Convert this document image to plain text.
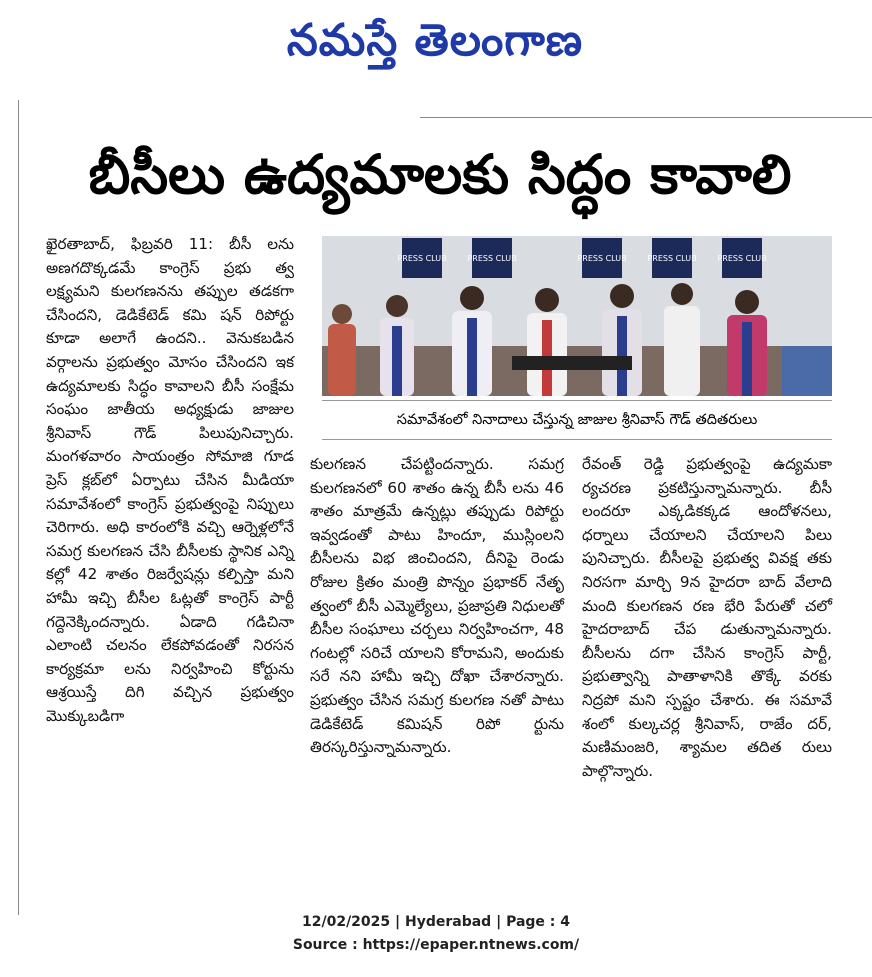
నమస్తే తెలంగాణ
బీసీలు ఉద్యమాలకు సిద్ధం కావాలి

ఖైరతాబాద్, ఫిబ్రవరి 11: బీసీ లను అణగదొక్కడమే కాంగ్రెస్ ప్రభు త్వ లక్ష్యమని కులగణనను తప్పుల తడకగా చేసిందని, డెడికేటెడ్ కమి షన్ రిపోర్టు కూడా అలాగే ఉందని.. వెనుకబడిన వర్గాలను ప్రభుత్వం మోసం చేసిందని ఇక ఉద్యమాలకు సిద్ధం కావాలని బీసీ సంక్షేమ సంఘం జాతీయ అధ్యక్షుడు జాజుల శ్రీనివాస్ గౌడ్ పిలుపునిచ్చారు. మంగళవారం సాయంత్రం సోమాజి గూడ ప్రెస్ క్లబ్‌లో ఏర్పాటు చేసిన మీడియా సమావేశంలో కాంగ్రెస్ ప్రభుత్వంపై నిప్పులు చెరిగారు. అధి కారంలోకి వచ్చి ఆర్నెళ్లలోనే సమగ్ర కులగణన చేసి బీసీలకు స్థానిక ఎన్ని కల్లో 42 శాతం రిజర్వేషన్లు కల్పిస్తా మని హామీ ఇచ్చి బీసీల ఓట్లతో కాంగ్రెస్ పార్టీ గద్దెనెక్కిందన్నారు. ఏడాది గడిచినా ఎలాంటి చలనం లేకపోవడంతో నిరసన కార్యక్రమా లను నిర్వహించి కోర్టును ఆశ్రయిస్తే దిగి వచ్చిన ప్రభుత్వం మొక్కుబడిగా

PRESS CLUB	PRESS CLUB	PRESS CLUB	PRESS CLUB	PRESS CLUB
సమావేశంలో నినాదాలు చేస్తున్న జాజుల శ్రీనివాస్ గౌడ్ తదితరులు

కులగణన చేపట్టిందన్నారు. సమగ్ర కులగణనలో 60 శాతం ఉన్న బీసీ లను 46 శాతం మాత్రమే ఉన్నట్లు తప్పుడు రిపోర్టు ఇవ్వడంతో పాటు హిందూ, ముస్లింలని బీసీలను విభ జించిందని, దీనిపై రెండు రోజుల క్రితం మంత్రి పొన్నం ప్రభాకర్ నేతృ త్వంలో బీసీ ఎమ్మెల్యేలు, ప్రజాప్రతి నిధులతో బీసీల సంఘాలు చర్చలు నిర్వహించగా, 48 గంటల్లో సరిచే యాలని కోరామని, అందుకు సరే నని హామీ ఇచ్చి దోఖా చేశారన్నారు. ప్రభుత్వం చేసిన సమగ్ర కులగణ నతో పాటు డెడికేటెడ్ కమిషన్ రిపో ర్టును తిరస్కరిస్తున్నామన్నారు.

రేవంత్ రెడ్డి ప్రభుత్వంపై ఉద్యమకా ర్యచరణ ప్రకటిస్తున్నామన్నారు. బీసీ లందరూ ఎక్కడికక్కడ ఆందోళనలు, ధర్నాలు చేయాలని చేయాలని పిలు పునిచ్చారు. బీసీలపై ప్రభుత్వ వివక్ష తకు నిరసగా మార్చి 9న హైదరా బాద్ వేలాది మంది కులగణన రణ భేరి పేరుతో చలో హైదరాబాద్ చేప డుతున్నామన్నారు. బీసీలను దగా చేసిన కాంగ్రెస్ పార్టీ, ప్రభుత్వాన్ని పాతాళానికి తొక్కే వరకు నిద్రపో మని స్పష్టం చేశారు. ఈ సమావే శంలో కుల్కచర్ల శ్రీనివాస్, రాజేం దర్, మణిమంజరి, శ్యామల తదిత రులు పాల్గొన్నారు.

12/02/2025 | Hyderabad | Page : 4
Source : https://epaper.ntnews.com/
